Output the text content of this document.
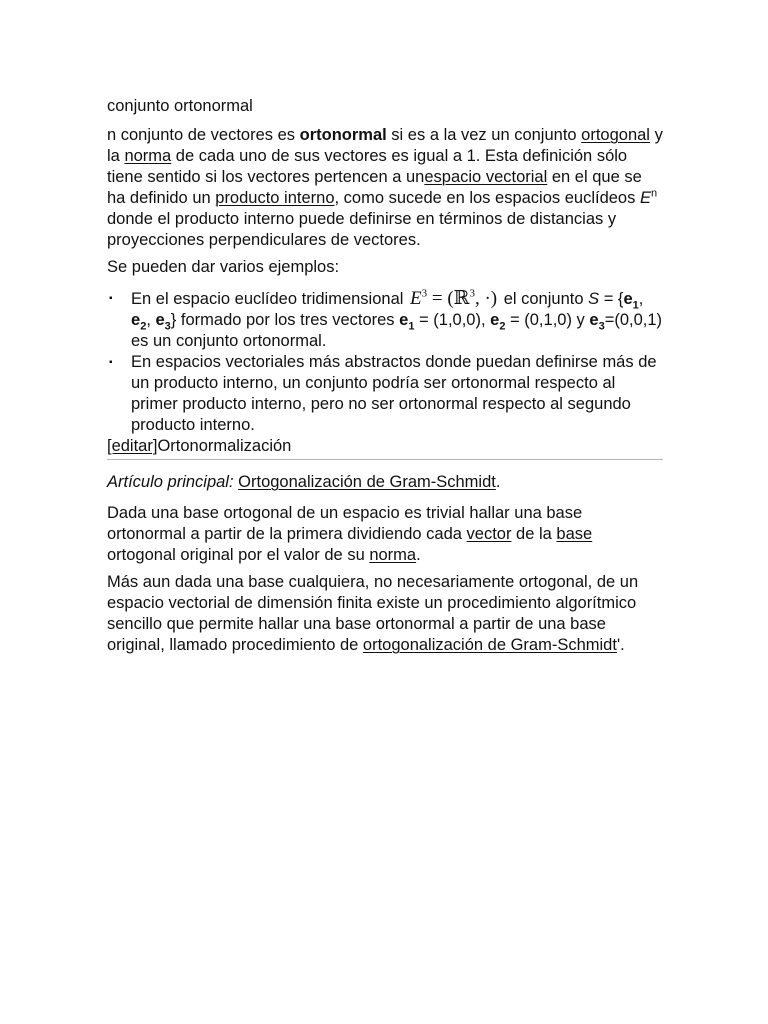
conjunto ortonormal

n conjunto de vectores es ortonormal si es a la vez un conjunto ortogonal y la norma de cada uno de sus vectores es igual a 1. Esta definición sólo tiene sentido si los vectores pertencen a unespacio vectorial en el que se ha definido un producto interno, como sucede en los espacios euclídeos $E^n$ donde el producto interno puede definirse en términos de distancias y proyecciones perpendiculares de vectores.

Se pueden dar varios ejemplos:

▪ En el espacio euclídeo tridimensional $E^3$ = (ℝ$^3$, ·) el conjunto $S = \{e_1$, $e_2$, $e_3$} formado por los tres vectores $e_1 = (1,0,0)$, $e_2 = (0,1,0)$ y $e_3=(0,0,1)$ es un conjunto ortonormal.
▪ En espacios vectoriales más abstractos donde puedan definirse más de un producto interno, un conjunto podría ser ortonormal respecto al primer producto interno, pero no ser ortonormal respecto al segundo producto interno.
[editar]Ortonormalización

Artículo principal: Ortogonalización de Gram-Schmidt.

Dada una base ortogonal de un espacio es trivial hallar una base ortonormal a partir de la primera dividiendo cada vector de la base ortogonal original por el valor de su norma.

Más aun dada una base cualquiera, no necesariamente ortogonal, de un espacio vectorial de dimensión finita existe un procedimiento algorítmico sencillo que permite hallar una base ortonormal a partir de una base original, llamado procedimiento de ortogonalización de Gram-Schmidt'.
